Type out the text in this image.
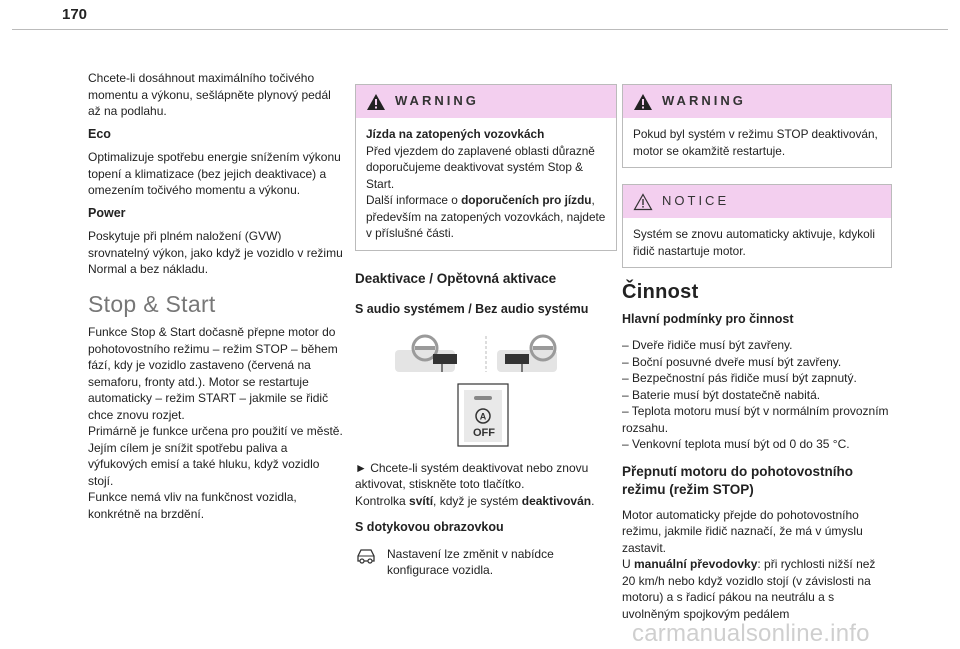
170

Chcete-li dosáhnout maximálního točivého momentu a výkonu, sešlápněte plynový pedál až na podlahu.

Eco

Optimalizuje spotřebu energie snížením výkonu topení a klimatizace (bez jejich deaktivace) a omezením točivého momentu a výkonu.

Power

Poskytuje při plném naložení (GVW) srovnatelný výkon, jako když je vozidlo v režimu Normal a bez nákladu.

Stop & Start

Funkce Stop & Start dočasně přepne motor do pohotovostního režimu – režim STOP – během fází, kdy je vozidlo zastaveno (červená na semaforu, fronty atd.). Motor se restartuje automaticky – režim START – jakmile se řidič chce znovu rozjet.

Primárně je funkce určena pro použití ve městě. Jejím cílem je snížit spotřebu paliva a výfukových emisí a také hluku, když vozidlo stojí.

Funkce nemá vliv na funkčnost vozidla, konkrétně na brzdění.

WARNING
Jízda na zatopených vozovkách
Před vjezdem do zaplavené oblasti důrazně doporučujeme deaktivovat systém Stop & Start.
Další informace o doporučeních pro jízdu, především na zatopených vozovkách, najdete v příslušné části.
Deaktivace / Opětovná aktivace
S audio systémem / Bez audio systému
A
OFF

► Chcete-li systém deaktivovat nebo znovu aktivovat, stiskněte toto tlačítko.

Kontrolka svítí, když je systém deaktivován.

S dotykovou obrazovkou
Nastavení lze změnit v nabídce konfigurace vozidla.
WARNING
Pokud byl systém v režimu STOP deaktivován, motor se okamžitě restartuje.
NOTICE
Systém se znovu automaticky aktivuje, kdykoli řidič nastartuje motor.
Činnost
Hlavní podmínky pro činnost

– Dveře řidiče musí být zavřeny.

– Boční posuvné dveře musí být zavřeny.

– Bezpečnostní pás řidiče musí být zapnutý.

– Baterie musí být dostatečně nabitá.

– Teplota motoru musí být v normálním provozním rozsahu.

– Venkovní teplota musí být od 0 do 35 °C.

Přepnutí motoru do pohotovostního režimu (režim STOP)

Motor automaticky přejde do pohotovostního režimu, jakmile řidič naznačí, že má v úmyslu zastavit.

U manuální převodovky: při rychlosti nižší než 20 km/h nebo když vozidlo stojí (v závislosti na motoru) a s řadicí pákou na neutrálu a s uvolněným spojkovým pedálem

carmanualsonline.info
